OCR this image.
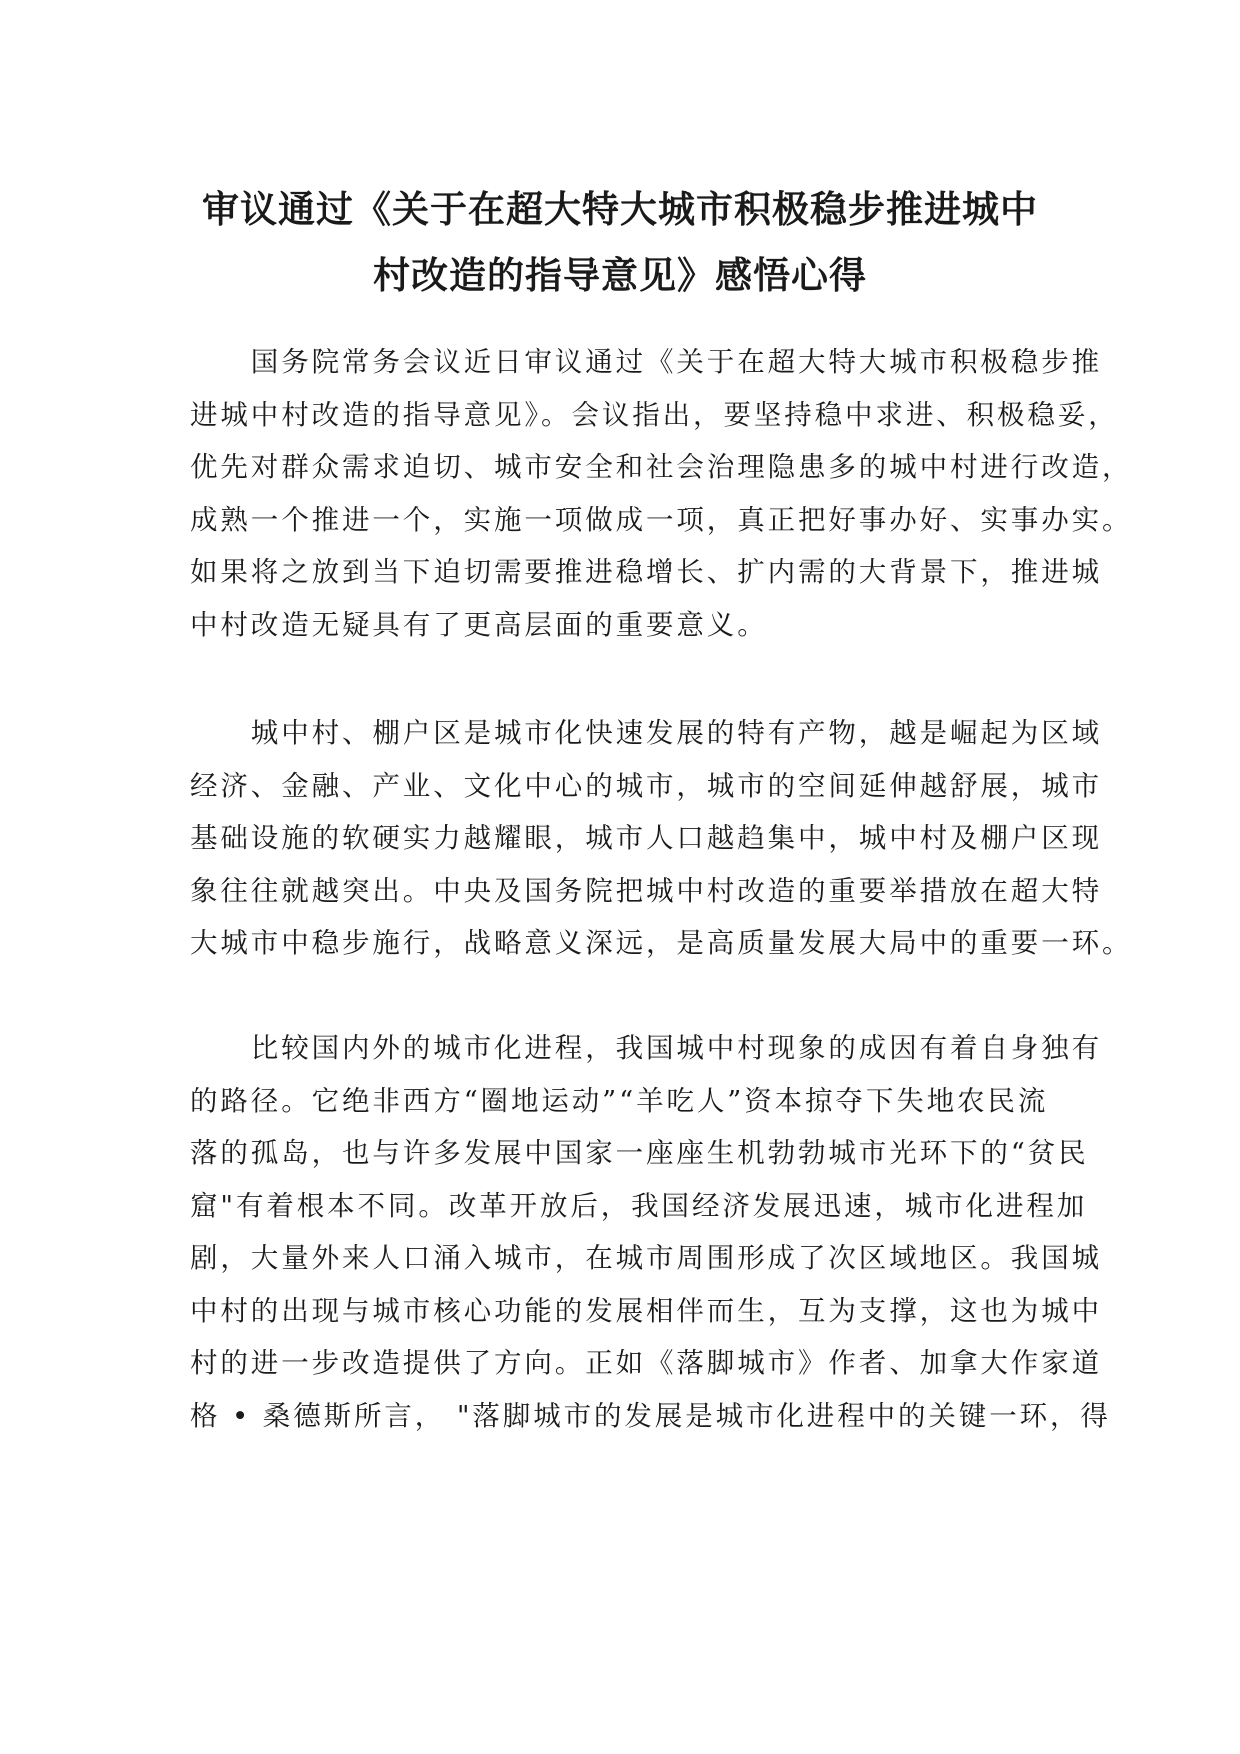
审议通过《关于在超大特大城市积极稳步推进城中
村改造的指导意见》感悟心得
　　国务院常务会议近日审议通过《关于在超大特大城市积极稳步推
进城中村改造的指导意见》。会议指出，要坚持稳中求进、积极稳妥，
优先对群众需求迫切、城市安全和社会治理隐患多的城中村进行改造，
成熟一个推进一个，实施一项做成一项，真正把好事办好、实事办实。
如果将之放到当下迫切需要推进稳增长、扩内需的大背景下，推进城
中村改造无疑具有了更高层面的重要意义。
　　城中村、棚户区是城市化快速发展的特有产物，越是崛起为区域
经济、金融、产业、文化中心的城市，城市的空间延伸越舒展，城市
基础设施的软硬实力越耀眼，城市人口越趋集中，城中村及棚户区现
象往往就越突出。中央及国务院把城中村改造的重要举措放在超大特
大城市中稳步施行，战略意义深远，是高质量发展大局中的重要一环。
　　比较国内外的城市化进程，我国城中村现象的成因有着自身独有
的路径。它绝非西方“圈地运动”“羊吃人”资本掠夺下失地农民流
落的孤岛，也与许多发展中国家一座座生机勃勃城市光环下的“贫民
窟"有着根本不同。改革开放后，我国经济发展迅速，城市化进程加
剧，大量外来人口涌入城市，在城市周围形成了次区域地区。我国城
中村的出现与城市核心功能的发展相伴而生，互为支撑，这也为城中
村的进一步改造提供了方向。正如《落脚城市》作者、加拿大作家道
格 • 桑德斯所言， "落脚城市的发展是城市化进程中的关键一环，得
